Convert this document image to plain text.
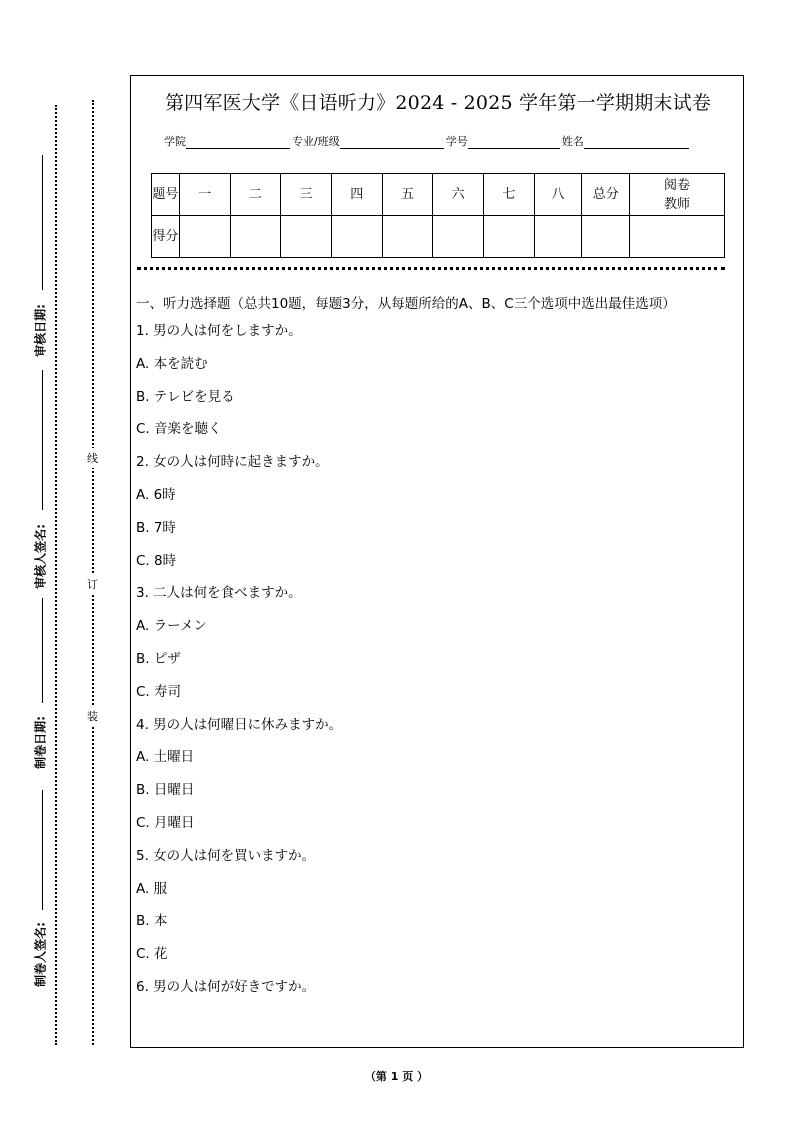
审核日期:
审核人签名:
制卷日期:
制卷人签名:
线
订
装
第四军医大学《日语听力》2024 - 2025 学年第一学期期末试卷
学院	专业/班级	学号	姓名
题号	一	二	三	四	五	六	七	八	总分	阅卷教师
得分										
一、听力选择题（总共10题，每题3分，从每题所给的A、B、C三个选项中选出最佳选项）
1. 男の人は何をしますか。
A. 本を読む
B. テレビを見る
C. 音楽を聴く
2. 女の人は何時に起きますか。
A. 6時
B. 7時
C. 8時
3. 二人は何を食べますか。
A. ラーメン
B. ピザ
C. 寿司
4. 男の人は何曜日に休みますか。
A. 土曜日
B. 日曜日
C. 月曜日
5. 女の人は何を買いますか。
A. 服
B. 本
C. 花
6. 男の人は何が好きですか。
（第 1 页 ）
